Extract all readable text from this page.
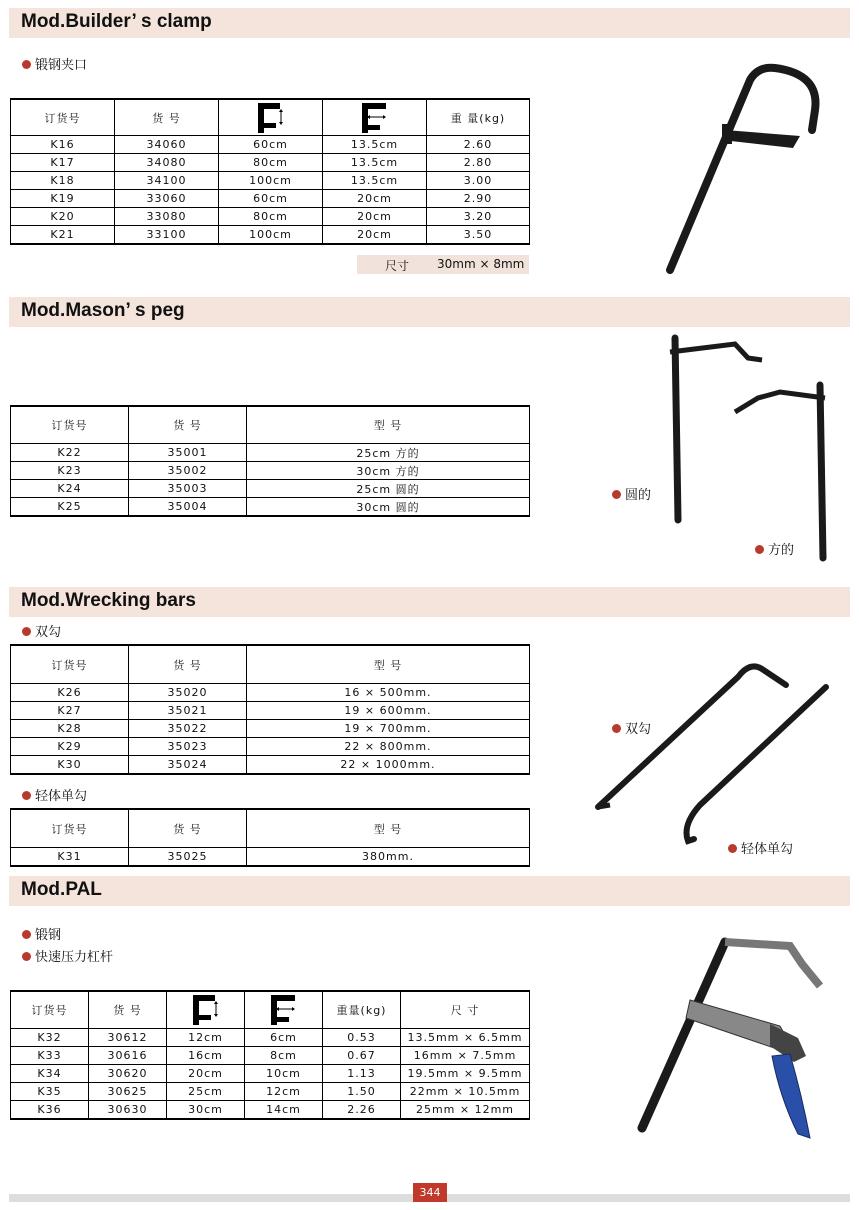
Mod.Builder’ s clamp
锻钢夹口
订货号	货 号			重 量(kg)
K16	34060	60cm	13.5cm	2.60
K17	34080	80cm	13.5cm	2.80
K18	34100	100cm	13.5cm	3.00
K19	33060	60cm	20cm	2.90
K20	33080	80cm	20cm	3.20
K21	33100	100cm	20cm	3.50
尺寸 30mm × 8mm
Mod.Mason’ s peg
订货号	货 号	型 号
K22	35001	25cm 方的
K23	35002	30cm 方的
K24	35003	25cm 圆的
K25	35004	30cm 圆的
圆的
方的
Mod.Wrecking bars
双勾
订货号	货 号	型 号
K26	35020	16 × 500mm.
K27	35021	19 × 600mm.
K28	35022	19 × 700mm.
K29	35023	22 × 800mm.
K30	35024	22 × 1000mm.
轻体单勾
订货号	货 号	型 号
K31	35025	380mm.
双勾
轻体单勾
Mod.PAL
锻钢
快速压力杠杆
订货号	货 号			重量(kg)	尺 寸
K32	30612	12cm	6cm	0.53	13.5mm × 6.5mm
K33	30616	16cm	8cm	0.67	16mm × 7.5mm
K34	30620	20cm	10cm	1.13	19.5mm × 9.5mm
K35	30625	25cm	12cm	1.50	22mm × 10.5mm
K36	30630	30cm	14cm	2.26	25mm × 12mm
344
